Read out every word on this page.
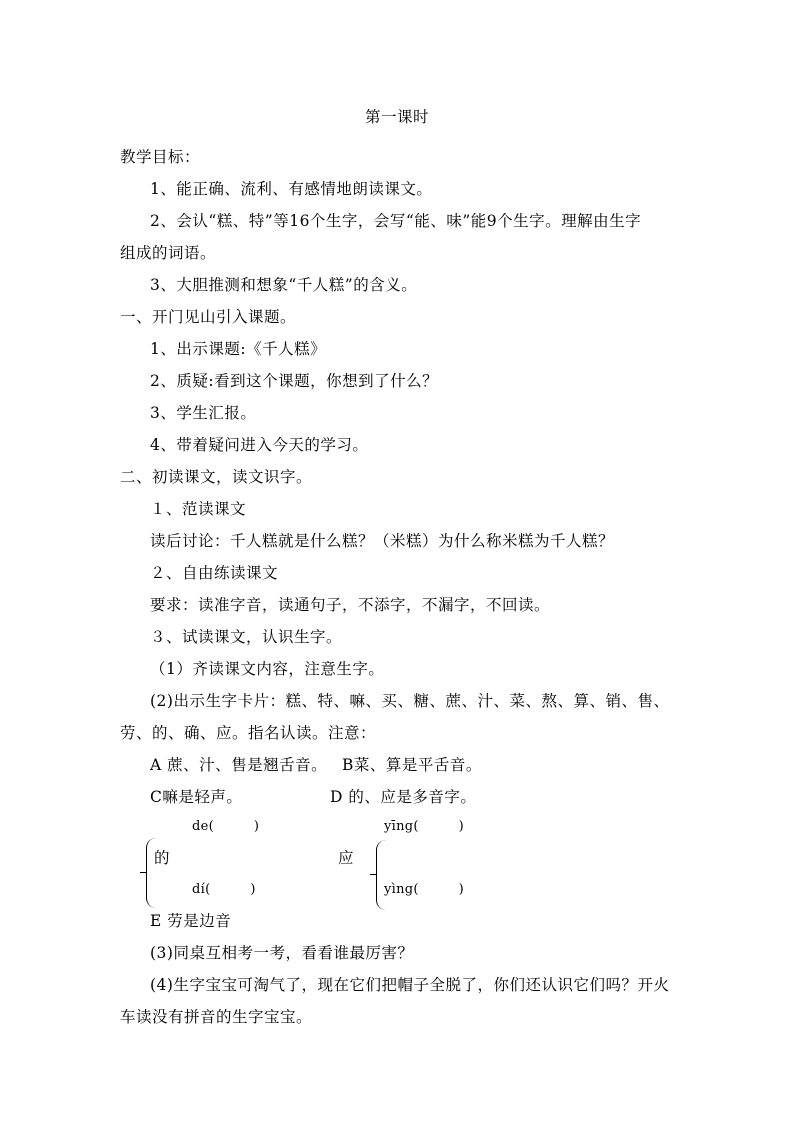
第一课时
教学目标：
1、能正确、流利、有感情地朗读课文。
2、会认“糕、特”等16个生字，会写“能、味”能9个生字。理解由生字
组成的词语。
3、大胆推测和想象“千人糕”的含义。
一、开门见山引入课题。
1、出示课题:《千人糕》
2、质疑:看到这个课题，你想到了什么？
3、学生汇报。
4、带着疑问进入今天的学习。
二、初读课文，读文识字。
１、范读课文
读后讨论：千人糕就是什么糕？（米糕）为什么称米糕为千人糕？
２、自由练读课文
要求：读准字音，读通句子，不添字，不漏字，不回读。
３、试读课文，认识生字。
（1）齐读课文内容，注意生字。
(2)出示生字卡片：糕、特、嘛、买、糖、蔗、汁、菜、熬、算、销、售、
劳、的、确、应。指名认读。注意：
A 蔗、汁、售是翘舌音。 B菜、算是平舌音。
C嘛是轻声。	D 的、应是多音字。
de(　　　)
的
dí(　　　)
yīng(　　　)
应
yìng(　　　)
E 劳是边音
(3)同桌互相考一考，看看谁最厉害？
(4)生字宝宝可淘气了，现在它们把帽子全脱了，你们还认识它们吗？开火
车读没有拼音的生字宝宝。
